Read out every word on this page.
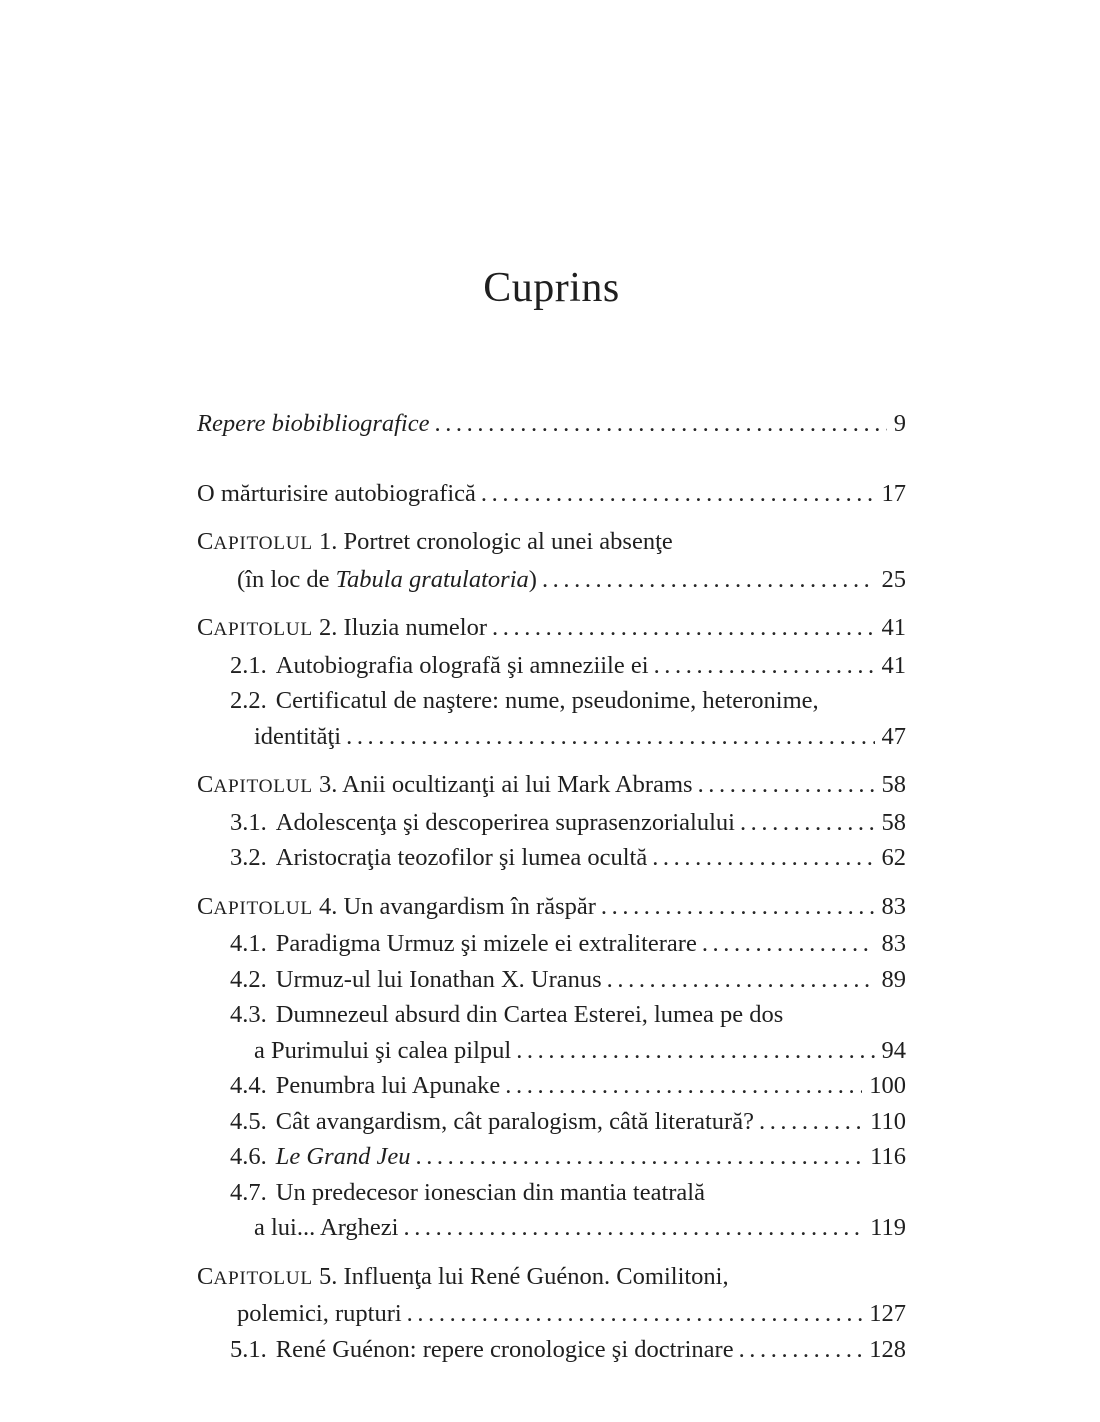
Cuprins
Repere biobibliografice .....	9
O mărturisire autobiografică .....	17
CAPITOLUL 1. Portret cronologic al unei absenţe
(în loc de Tabula gratulatoria) .....	25
CAPITOLUL 2. Iluzia numelor .....	41
2.1. Autobiografia olografă şi amneziile ei .....	41
2.2. Certificatul de naştere: nume, pseudonime, heteronime,
identităţi .....	47
CAPITOLUL 3. Anii ocultizanţi ai lui Mark Abrams .....	58
3.1. Adolescenţa şi descoperirea suprasenzorialului .....	58
3.2. Aristocraţia teozofilor şi lumea ocultă .....	62
CAPITOLUL 4. Un avangardism în răspăr .....	83
4.1. Paradigma Urmuz şi mizele ei extraliterare .....	83
4.2. Urmuz-ul lui Ionathan X. Uranus .....	89
4.3. Dumnezeul absurd din Cartea Esterei, lumea pe dos
a Purimului şi calea pilpul .....	94
4.4. Penumbra lui Apunake .....	100
4.5. Cât avangardism, cât paralogism, câtă literatură? .....	110
4.6. Le Grand Jeu .....	116
4.7. Un predecesor ionescian din mantia teatrală
a lui... Arghezi .....	119
CAPITOLUL 5. Influenţa lui René Guénon. Comilitoni,
polemici, rupturi .....	127
5.1. René Guénon: repere cronologice şi doctrinare .....	128
